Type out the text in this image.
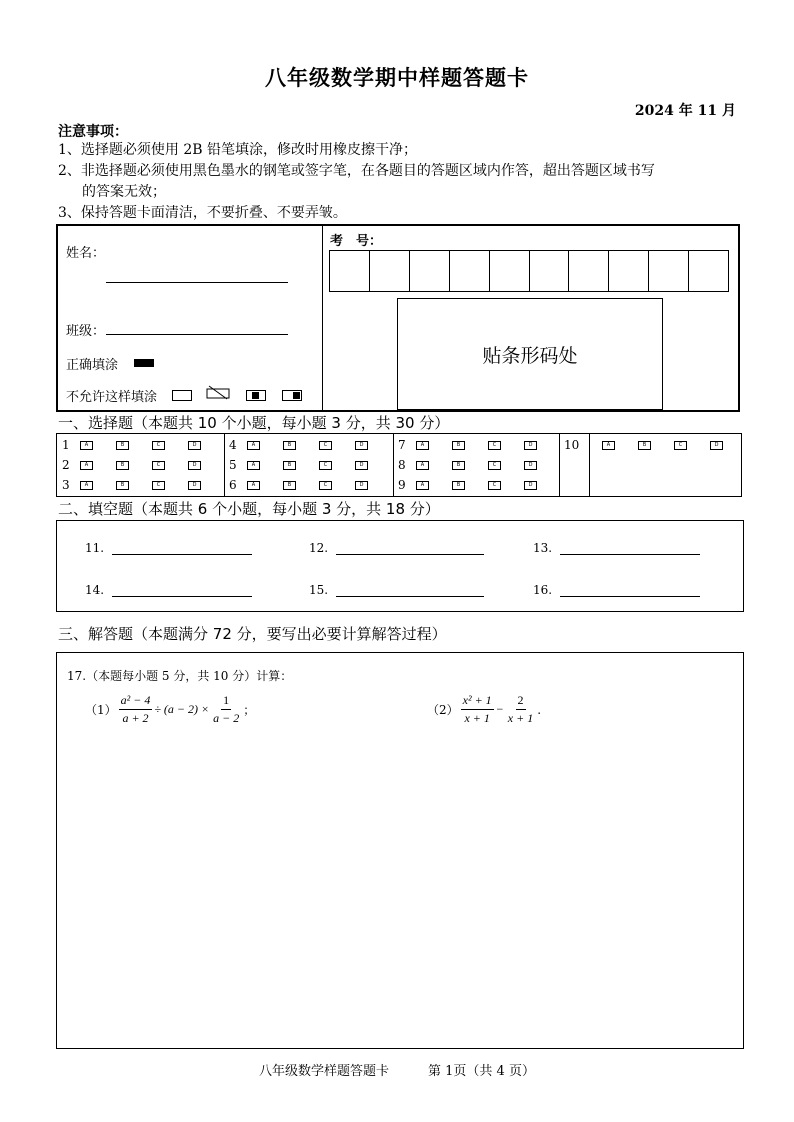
八年级数学期中样题答题卡
2024 年 11 月
注意事项：
1、选择题必须使用 2B 铅笔填涂，修改时用橡皮擦干净；
2、非选择题必须使用黑色墨水的钢笔或签字笔，在各题目的答题区域内作答，超出答题区域书写
的答案无效；
3、保持答题卡面清洁，不要折叠、不要弄皱。
姓名：
班级：
正确填涂
不允许这样填涂
考　号：
贴条形码处
一、选择题（本题共 10 个小题，每小题 3 分，共 30 分）
1	A	B	C	D
2	A	B	C	D
3	A	B	C	D
4	A	B	C	D
5	A	B	C	D
6	A	B	C	D
7	A	B	C	D
8	A	B	C	D
9	A	B	C	D
10	A	B	C	D
二、填空题（本题共 6 个小题，每小题 3 分，共 18 分）
11.	12.	13.
14.	15.	16.
三、解答题（本题满分 72 分，要写出必要计算解答过程）
17.（本题每小题 5 分，共 10 分）计算：
$(1) \frac{\text{a² − 4}}{a + 2} \div (a - 2) \times \frac{1}{a - 2}$ ；	$(2) \frac{\text{x² + 1}}{x + 1} - \frac{2}{x + 1}$ .
八年级数学样题答题卡　　　第 1页（共 4 页）
